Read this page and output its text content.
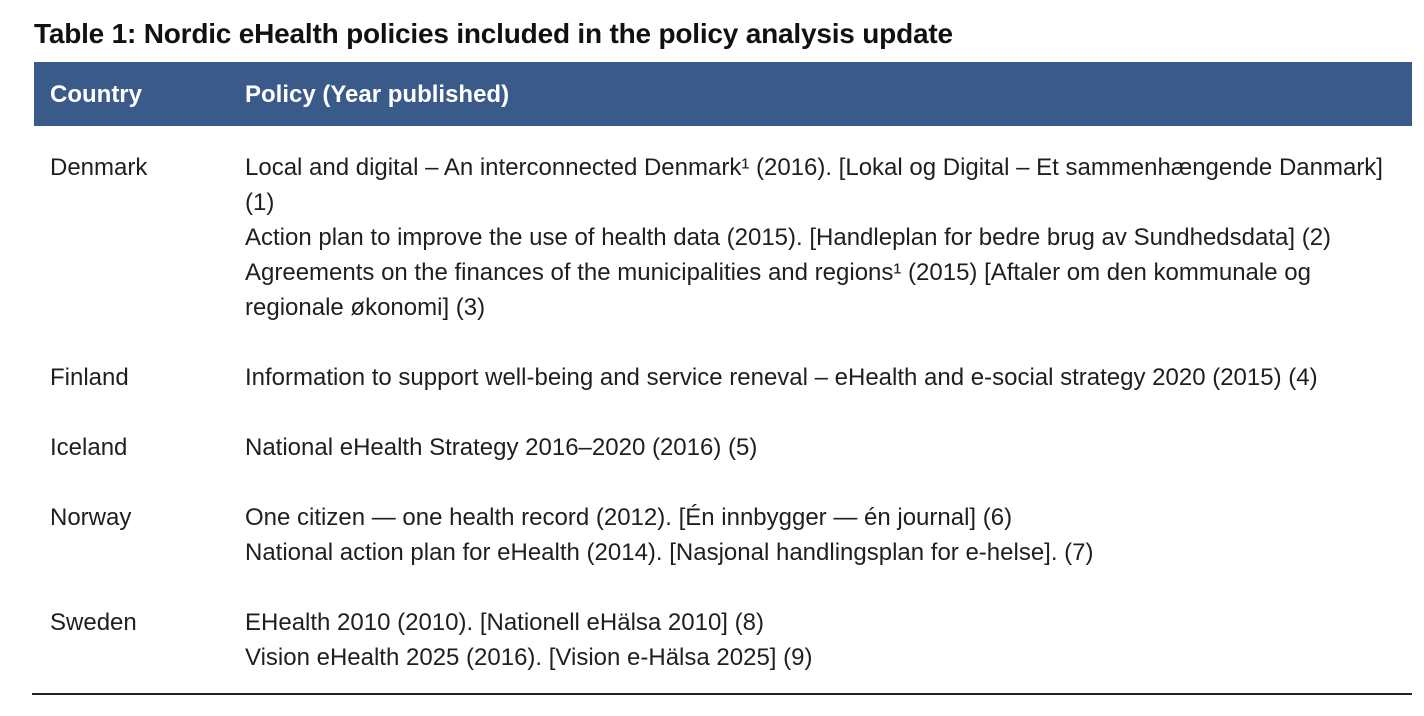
Table 1: Nordic eHealth policies included in the policy analysis update
Country	Policy (Year published)
Denmark	Local and digital – An interconnected Denmark¹ (2016). [Lokal og Digital – Et sammenhængende Danmark] (1)
Action plan to improve the use of health data (2015). [Handleplan for bedre brug av Sundhedsdata] (2)
Agreements on the finances of the municipalities and regions¹ (2015) [Aftaler om den kommunale og regionale økonomi] (3)
Finland	Information to support well-being and service reneval – eHealth and e-social strategy 2020 (2015) (4)
Iceland	National eHealth Strategy 2016–2020 (2016) (5)
Norway	One citizen — one health record (2012). [Én innbygger — én journal] (6)
National action plan for eHealth (2014). [Nasjonal handlingsplan for e-helse]. (7)
Sweden	EHealth 2010 (2010). [Nationell eHälsa 2010] (8)
Vision eHealth 2025 (2016). [Vision e-Hälsa 2025] (9)
